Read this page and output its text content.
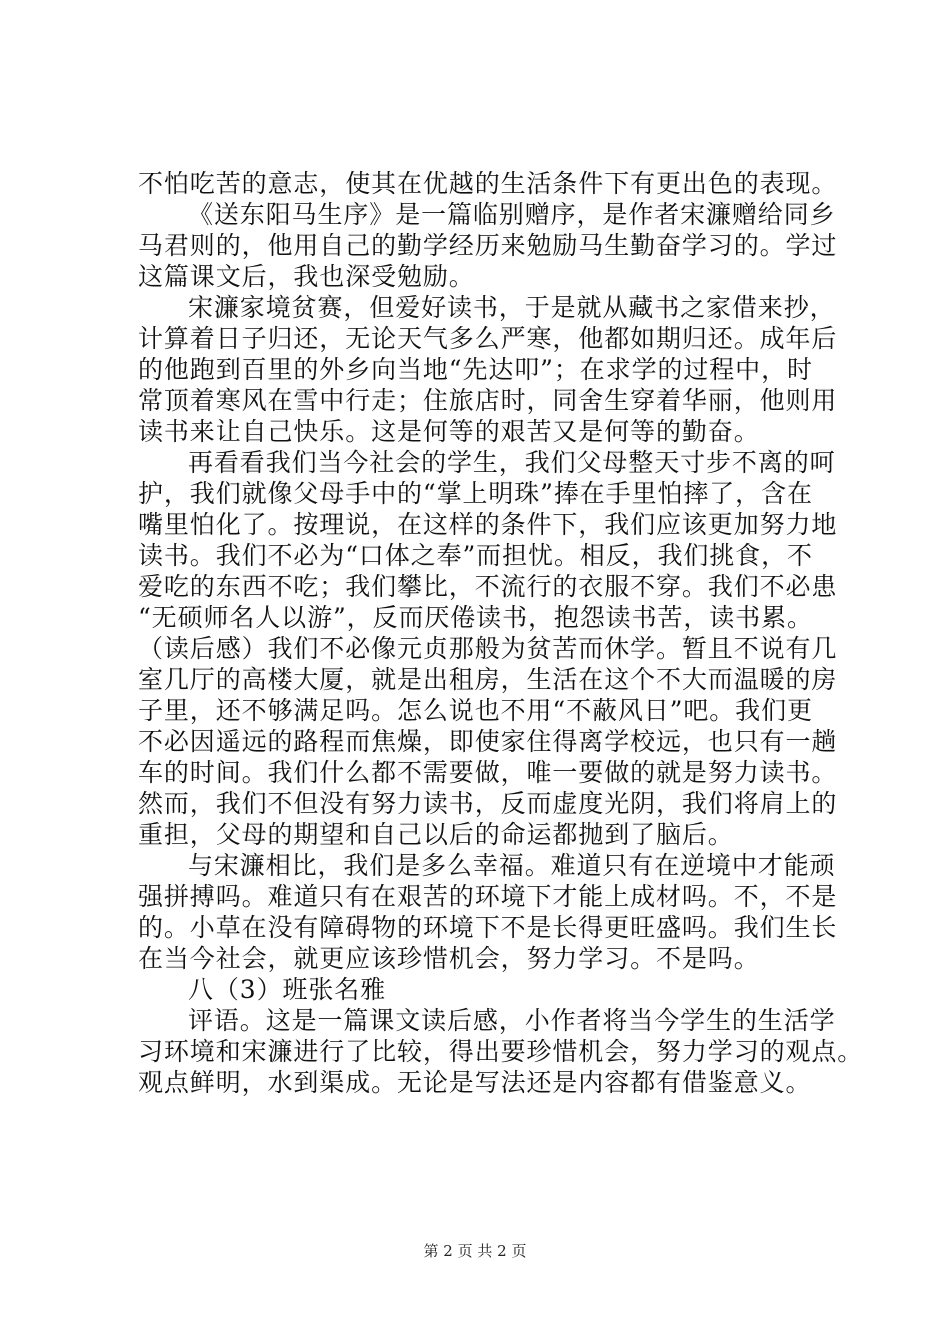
不怕吃苦的意志，使其在优越的生活条件下有更出色的表现。
《送东阳马生序》是一篇临别赠序，是作者宋濂赠给同乡
马君则的，他用自己的勤学经历来勉励马生勤奋学习的。学过
这篇课文后，我也深受勉励。
宋濂家境贫赛，但爱好读书，于是就从藏书之家借来抄，
计算着日子归还，无论天气多么严寒，他都如期归还。成年后
的他跑到百里的外乡向当地“先达叩”；在求学的过程中，时
常顶着寒风在雪中行走；住旅店时，同舍生穿着华丽，他则用
读书来让自己快乐。这是何等的艰苦又是何等的勤奋。
再看看我们当今社会的学生，我们父母整天寸步不离的呵
护，我们就像父母手中的“掌上明珠”捧在手里怕摔了，含在
嘴里怕化了。按理说，在这样的条件下，我们应该更加努力地
读书。我们不必为“口体之奉”而担忧。相反，我们挑食，不
爱吃的东西不吃；我们攀比，不流行的衣服不穿。我们不必患
“无硕师名人以游”，反而厌倦读书，抱怨读书苦，读书累。
（读后感）我们不必像元贞那般为贫苦而休学。暂且不说有几
室几厅的高楼大厦，就是出租房，生活在这个不大而温暖的房
子里，还不够满足吗。怎么说也不用“不蔽风日”吧。我们更
不必因遥远的路程而焦燥，即使家住得离学校远，也只有一趟
车的时间。我们什么都不需要做，唯一要做的就是努力读书。
然而，我们不但没有努力读书，反而虚度光阴，我们将肩上的
重担，父母的期望和自己以后的命运都抛到了脑后。
与宋濂相比，我们是多么幸福。难道只有在逆境中才能顽
强拼搏吗。难道只有在艰苦的环境下才能上成材吗。不，不是
的。小草在没有障碍物的环境下不是长得更旺盛吗。我们生长
在当今社会，就更应该珍惜机会，努力学习。不是吗。
八（3）班张名雅
评语。这是一篇课文读后感，小作者将当今学生的生活学
习环境和宋濂进行了比较，得出要珍惜机会，努力学习的观点。
观点鲜明，水到渠成。无论是写法还是内容都有借鉴意义。
第 2 页 共 2 页
